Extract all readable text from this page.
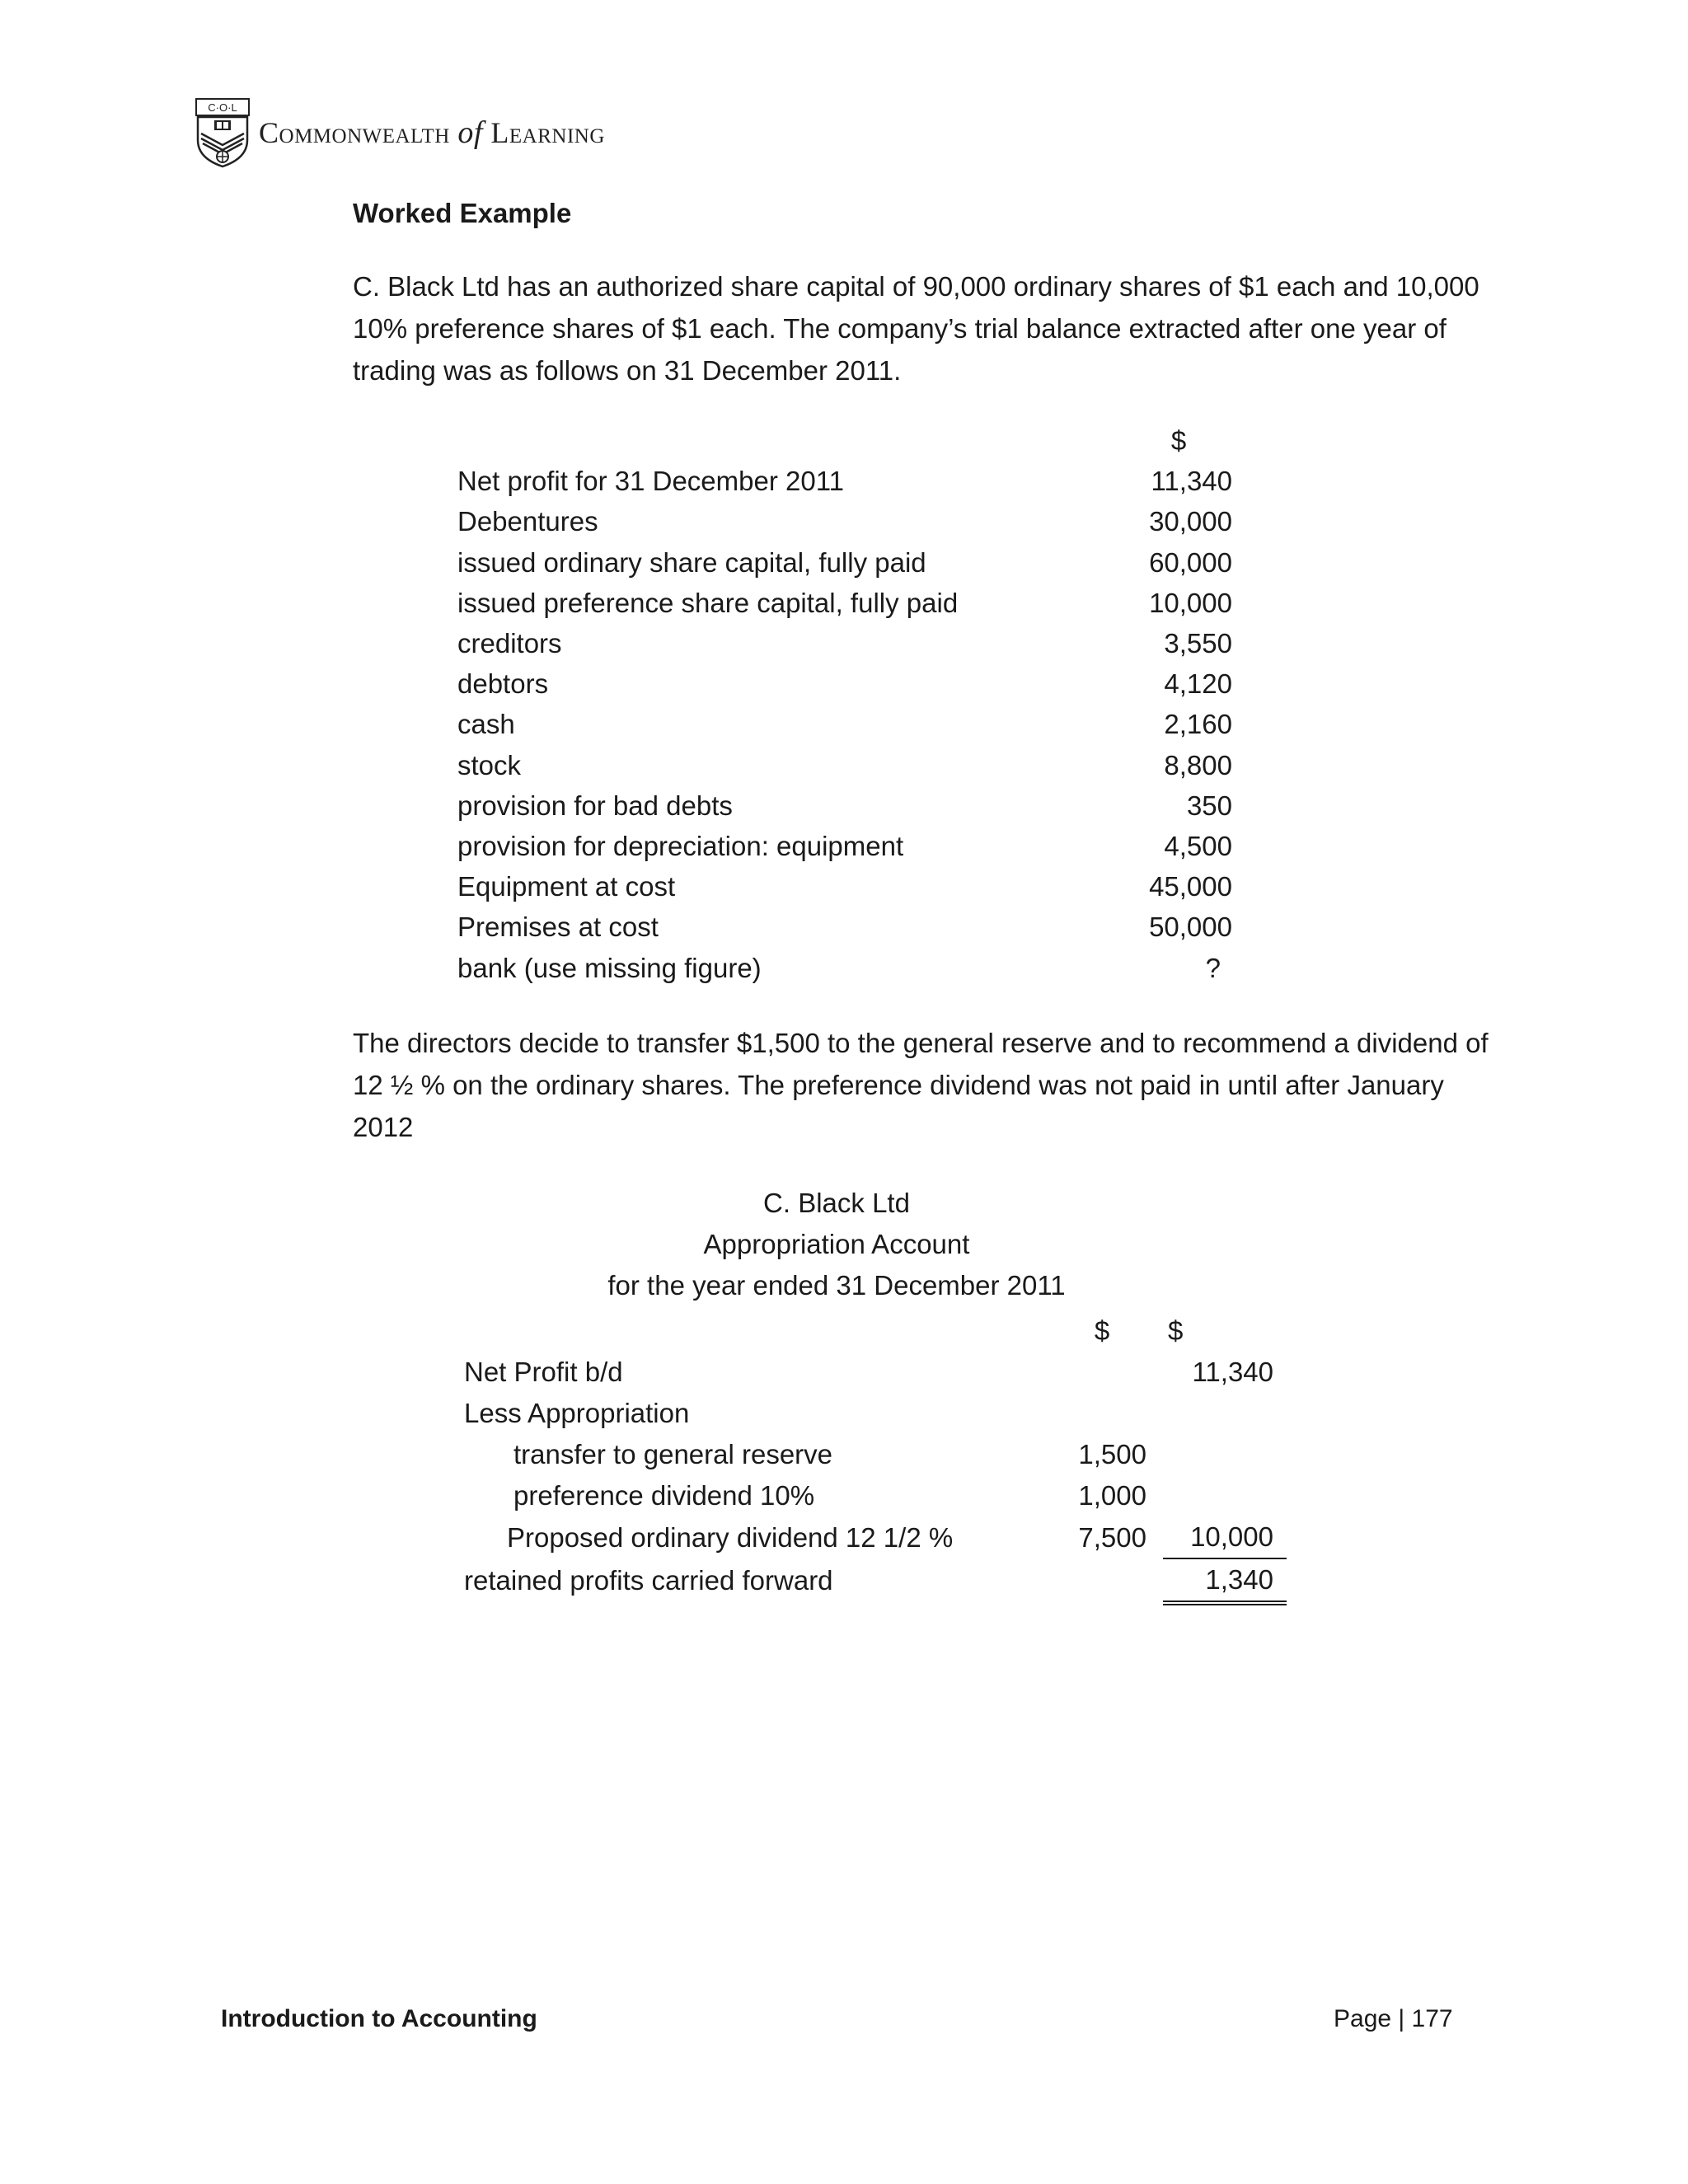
C·O·L
Commonwealth of Learning
Worked Example
C. Black Ltd has an authorized share capital of 90,000 ordinary shares of $1 each and 10,000 10% preference shares of $1 each. The company’s trial balance extracted after one year of trading was as follows on 31 December 2011.
	$
Net profit for 31 December 2011	11,340
Debentures	30,000
issued ordinary share capital, fully paid	60,000
issued preference share capital, fully paid	10,000
creditors	3,550
debtors	4,120
cash	2,160
stock	8,800
provision for bad debts	350
provision for depreciation: equipment	4,500
Equipment at cost	45,000
Premises at cost	50,000
bank (use missing figure)	?
The directors decide to transfer $1,500 to the general reserve and to recommend a dividend of 12 ½ % on the ordinary shares. The preference dividend was not paid in until after January 2012
C. Black Ltd
Appropriation Account
for the year ended 31 December 2011
	$		$
Net Profit b/d			11,340
Less Appropriation			
transfer to general reserve	1,500		
preference dividend 10%	1,000		
Proposed ordinary dividend 12 1/2 %	7,500		10,000
retained profits carried forward			1,340
Introduction to Accounting	Page | 177
